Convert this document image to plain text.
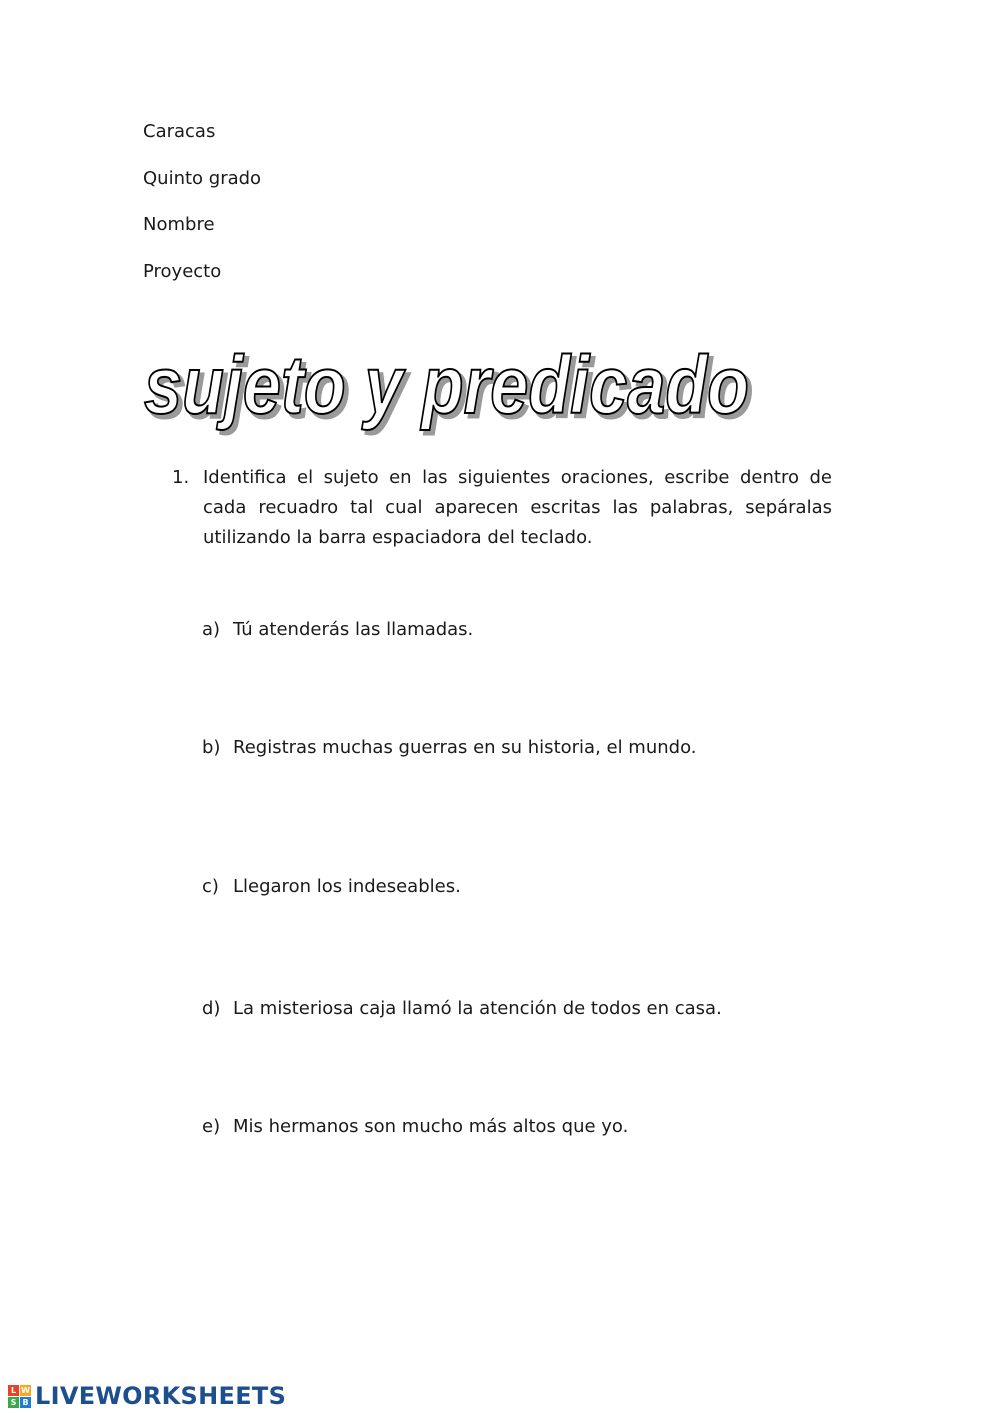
Caracas
Quinto grado
Nombre
Proyecto
sujeto y predicado
sujeto y predicado
1. Identifica el sujeto en las siguientes oraciones, escribe dentro de cada recuadro tal cual aparecen escritas las palabras, sepáralas utilizando la barra espaciadora del teclado.
a) Tú atenderás las llamadas.
b) Registras muchas guerras en su historia, el mundo.
c) Llegaron los indeseables.
d) La misteriosa caja llamó la atención de todos en casa.
e) Mis hermanos son mucho más altos que yo.
L W
S B LIVEWORKSHEETS
